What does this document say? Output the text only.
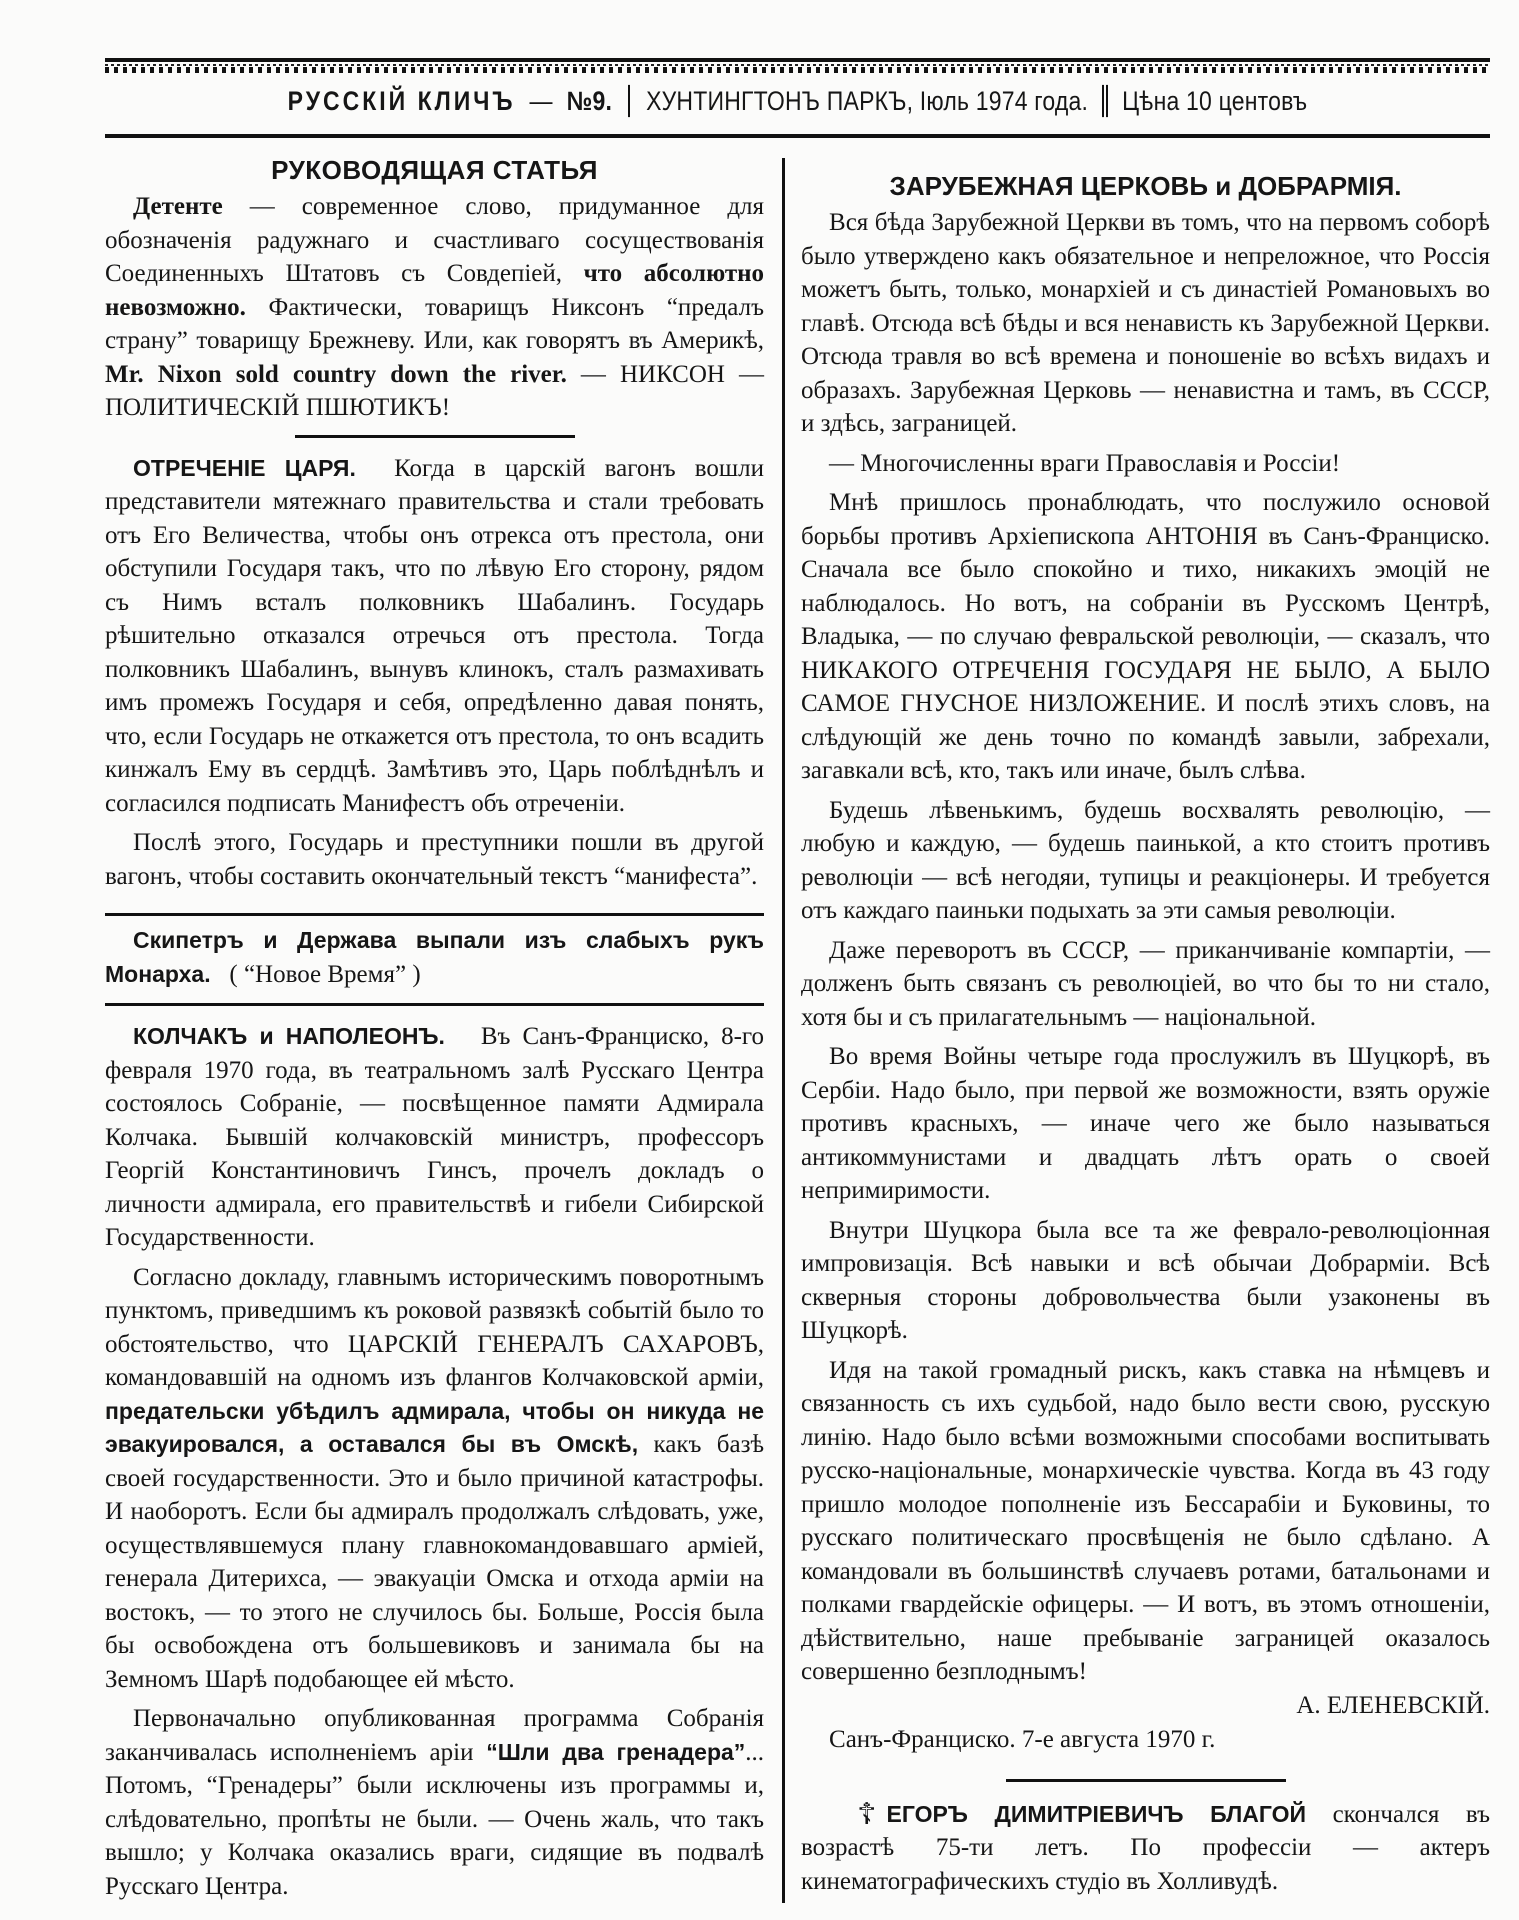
РУССКIЙ КЛИЧЪ — №9. ХУНТИНГТОНЪ ПАРКЪ, Iюль 1974 года. Цѣна 10 центовъ
РУКОВОДЯЩАЯ СТАТЬЯ

Детенте — современное слово, придуманное для обозначенія радужнаго и счастливаго сосуществованія Соединенныхъ Штатовъ съ Совдепіей, что абсолютно невозможно. Фактически, товарищъ Никсонъ “предалъ страну” товарищу Брежневу. Или, как говорятъ въ Америкѣ, Mr. Nixon sold country down the river. — НИКСОН — ПОЛИТИЧЕСКIЙ ПШЮТИКЪ!

ОТРЕЧЕНIЕ ЦАРЯ. Когда в царскій вагонъ вошли представители мятежнаго правительства и стали требовать отъ Его Величества, чтобы онъ отрекса отъ престола, они обступили Государя такъ, что по лѣвую Его сторону, рядом съ Нимъ всталъ полковникъ Шабалинъ. Государь рѣшительно отказался отречься отъ престола. Тогда полковникъ Шабалинъ, вынувъ клинокъ, сталъ размахивать имъ промежъ Государя и себя, опредѣленно давая понять, что, если Государь не откажется отъ престола, то онъ всадить кинжалъ Ему въ сердцѣ. Замѣтивъ это, Царь поблѣднѣлъ и согласился подписать Манифестъ объ отреченіи.

Послѣ этого, Государь и преступники пошли въ другой вагонъ, чтобы составить окончательный текстъ “манифеста”.

Скипетръ и Держава выпали изъ слабыхъ рукъ Монарха. ( “Новое Время” )

КОЛЧАКЪ и НАПОЛЕОНЪ. Въ Санъ-Франциско, 8-го февраля 1970 года, въ театральномъ залѣ Русскаго Центра состоялось Собраніе, — посвѣщенное памяти Адмирала Колчака. Бывшій колчаковскій министръ, профессоръ Георгій Константиновичъ Гинсъ, прочелъ докладъ о личности адмирала, его правительствѣ и гибели Сибирской Государственности.

Согласно докладу, главнымъ историческимъ поворотнымъ пунктомъ, приведшимъ къ роковой развязкѣ событій было то обстоятельство, что ЦАРСКIЙ ГЕНЕРАЛЪ САХАРОВЪ, командовавшій на одномъ изъ флангов Колчаковской арміи, предательски убѣдилъ адмирала, чтобы он никуда не эвакуировался, а оставался бы въ Омскѣ, какъ базѣ своей государственности. Это и было причиной катастрофы. И наоборотъ. Если бы адмиралъ продолжалъ слѣдовать, уже, осуществлявшемуся плану главнокомандовавшаго арміей, генерала Дитерихса, — эвакуаціи Омска и отхода арміи на востокъ, — то этого не случилось бы. Больше, Россія была бы освобождена отъ большевиковъ и занимала бы на Земномъ Шарѣ подобающее ей мѣсто.

Первоначально опубликованная программа Собранія заканчивалась исполненіемъ аріи “Шли два гренадера”... Потомъ, “Гренадеры” были исключены изъ программы и, слѣдовательно, пропѣты не были. — Очень жаль, что такъ вышло; у Колчака оказались враги, сидящие въ подвалѣ Русскаго Центра.

ЗАРУБЕЖНАЯ ЦЕРКОВЬ и ДОБРАРМIЯ.

Вся бѣда Зарубежной Церкви въ томъ, что на первомъ соборѣ было утверждено какъ обязательное и непреложное, что Россія можетъ быть, только, монархіей и съ династіей Романовыхъ во главѣ. Отсюда всѣ бѣды и вся ненависть къ Зарубежной Церкви. Отсюда травля во всѣ времена и поношеніе во всѣхъ видахъ и образахъ. Зарубежная Церковь — ненавистна и тамъ, въ СССР, и здѣсь, заграницей.

— Многочисленны враги Православія и Россіи!

Мнѣ пришлось пронаблюдать, что послужило основой борьбы противъ Архіепископа АНТОНIЯ въ Санъ-Франциско. Сначала все было спокойно и тихо, никакихъ эмоцій не наблюдалось. Но вотъ, на собраніи въ Русскомъ Центрѣ, Владыка, — по случаю февральской революціи, — сказалъ, что НИКАКОГО ОТРЕЧЕНIЯ ГОСУДАРЯ НЕ БЫЛО, А БЫЛО САМОЕ ГНУСНОЕ НИЗЛОЖЕНИЕ. И послѣ этихъ словъ, на слѣдующій же день точно по командѣ завыли, забрехали, загавкали всѣ, кто, такъ или иначе, былъ слѣва.

Будешь лѣвенькимъ, будешь восхвалять революцію, — любую и каждую, — будешь паинькой, а кто стоитъ противъ революціи — всѣ негодяи, тупицы и реакціонеры. И требуется отъ каждаго паиньки подыхать за эти самыя революціи.

Даже переворотъ въ СССР, — приканчиваніе компартіи, — долженъ быть связанъ съ революціей, во что бы то ни стало, хотя бы и съ прилагательнымъ — національной.

Во время Войны четыре года прослужилъ въ Шуцкорѣ, въ Сербіи. Надо было, при первой же возможности, взять оружіе противъ красныхъ, — иначе чего же было называться антикоммунистами и двадцать лѣтъ орать о своей непримиримости.

Внутри Шуцкора была все та же февралo-революціонная импровизація. Всѣ навыки и всѣ обычаи Добрарміи. Всѣ скверныя стороны добровольчества были узаконены въ Шуцкорѣ.

Идя на такой громадный рискъ, какъ ставка на нѣмцевъ и связанность съ ихъ судьбой, надо было вести свою, русскую линію. Надо было всѣми возможными способами воспитывать русско-національные, монархическіе чувства. Когда въ 43 году пришло молодое пополненіе изъ Бессарабіи и Буковины, то русскаго политическаго просвѣщенія не было сдѣлано. А командовали въ большинствѣ случаевъ ротами, батальонами и полками гвардейскіе офицеры. — И вотъ, въ этомъ отношеніи, дѣйствительно, наше пребываніе заграницей оказалось совершенно безплоднымъ!

А. ЕЛЕНЕВСКIЙ.
Санъ-Франциско. 7-е августа 1970 г.

☦ ЕГОРЪ ДИМИТРIЕВИЧЪ БЛАГОЙ скончался въ возрастѣ 75-ти летъ. По профессіи — актеръ кинематографическихъ студiо въ Холливудѣ.
